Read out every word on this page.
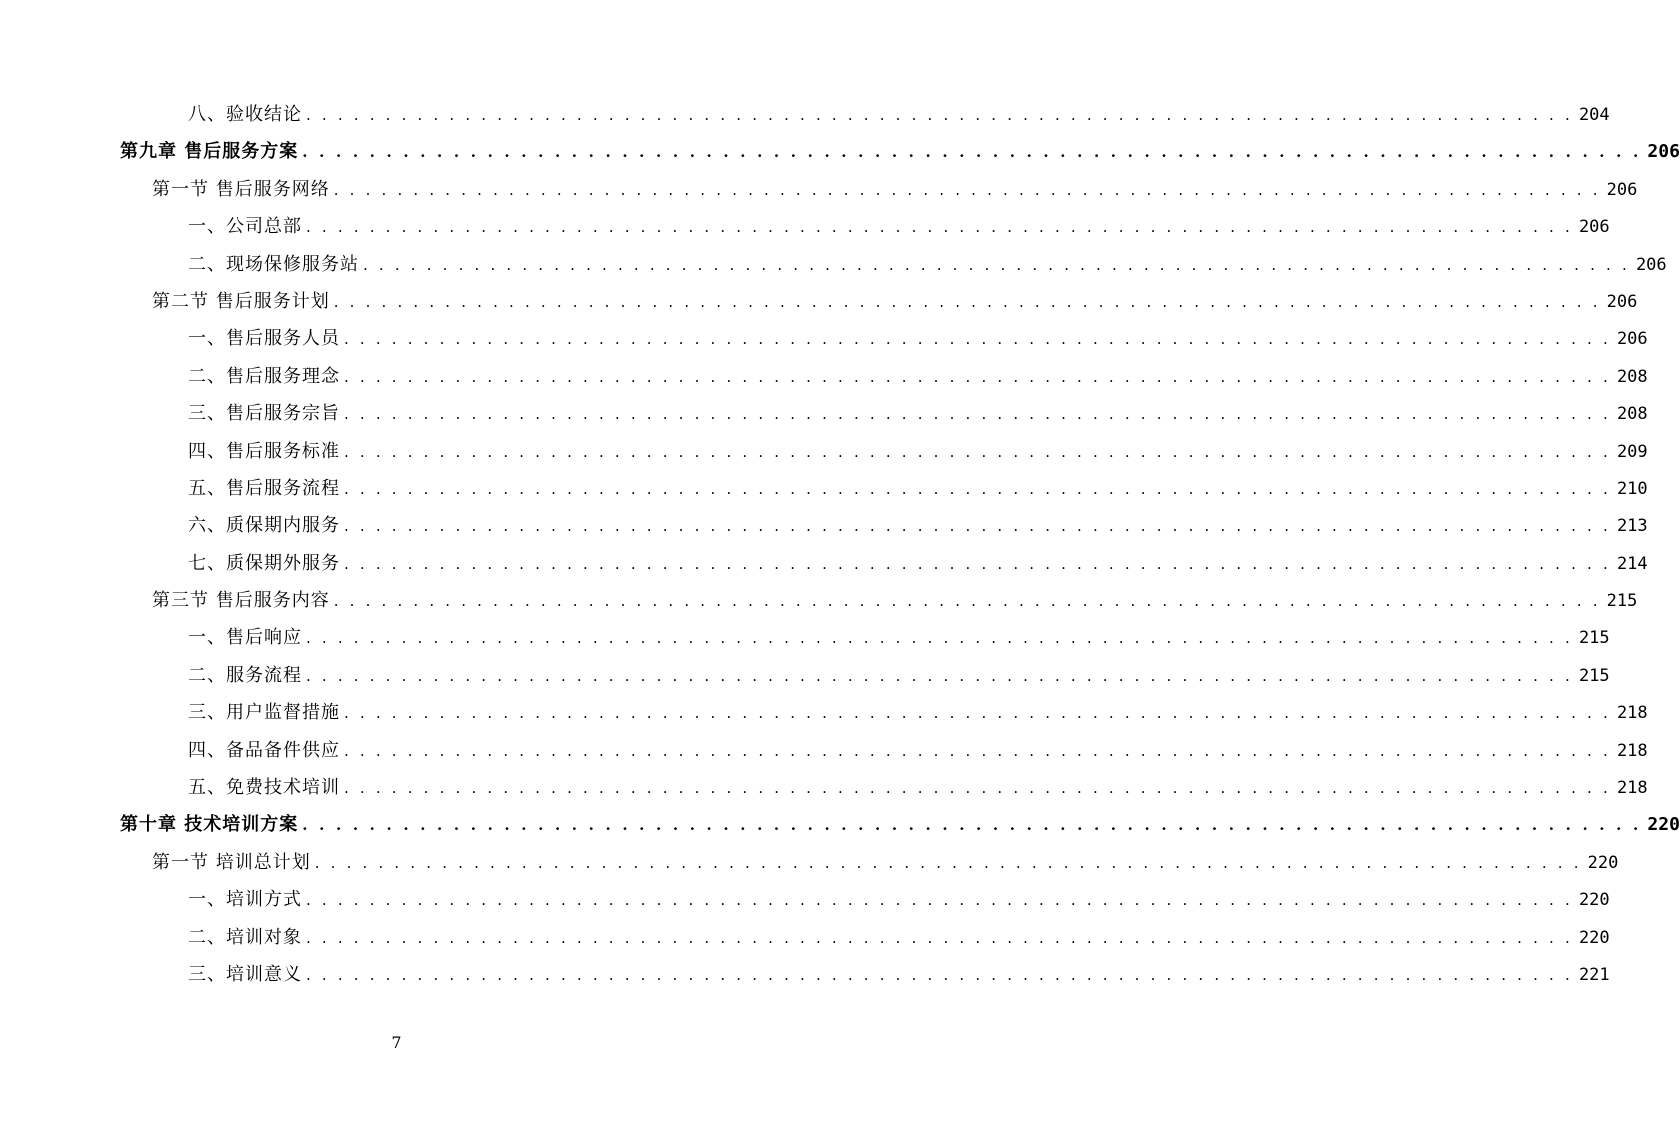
八、验收结论 . . . . . . . . . . . . . . . . . . . . . . . . . . . . . . . . . . . . . . . . . . . . . . . . . . . . . . . . . . . . . . . . . . . . . . . . . . . . . . . . 204
第九章 售后服务方案 . . . . . . . . . . . . . . . . . . . . . . . . . . . . . . . . . . . . . . . . . . . . . . . . . . . . . . . . . . . . . . . . . . . . . . . . . . . . . . . . 206
第一节 售后服务网络 . . . . . . . . . . . . . . . . . . . . . . . . . . . . . . . . . . . . . . . . . . . . . . . . . . . . . . . . . . . . . . . . . . . . . . . . . . . . . . . . 206
一、公司总部 . . . . . . . . . . . . . . . . . . . . . . . . . . . . . . . . . . . . . . . . . . . . . . . . . . . . . . . . . . . . . . . . . . . . . . . . . . . . . . . . 206
二、现场保修服务站 . . . . . . . . . . . . . . . . . . . . . . . . . . . . . . . . . . . . . . . . . . . . . . . . . . . . . . . . . . . . . . . . . . . . . . . . . . . . . . . . 206
第二节 售后服务计划 . . . . . . . . . . . . . . . . . . . . . . . . . . . . . . . . . . . . . . . . . . . . . . . . . . . . . . . . . . . . . . . . . . . . . . . . . . . . . . . . 206
一、售后服务人员 . . . . . . . . . . . . . . . . . . . . . . . . . . . . . . . . . . . . . . . . . . . . . . . . . . . . . . . . . . . . . . . . . . . . . . . . . . . . . . . . 206
二、售后服务理念 . . . . . . . . . . . . . . . . . . . . . . . . . . . . . . . . . . . . . . . . . . . . . . . . . . . . . . . . . . . . . . . . . . . . . . . . . . . . . . . . 208
三、售后服务宗旨 . . . . . . . . . . . . . . . . . . . . . . . . . . . . . . . . . . . . . . . . . . . . . . . . . . . . . . . . . . . . . . . . . . . . . . . . . . . . . . . . 208
四、售后服务标准 . . . . . . . . . . . . . . . . . . . . . . . . . . . . . . . . . . . . . . . . . . . . . . . . . . . . . . . . . . . . . . . . . . . . . . . . . . . . . . . . 209
五、售后服务流程 . . . . . . . . . . . . . . . . . . . . . . . . . . . . . . . . . . . . . . . . . . . . . . . . . . . . . . . . . . . . . . . . . . . . . . . . . . . . . . . . 210
六、质保期内服务 . . . . . . . . . . . . . . . . . . . . . . . . . . . . . . . . . . . . . . . . . . . . . . . . . . . . . . . . . . . . . . . . . . . . . . . . . . . . . . . . 213
七、质保期外服务 . . . . . . . . . . . . . . . . . . . . . . . . . . . . . . . . . . . . . . . . . . . . . . . . . . . . . . . . . . . . . . . . . . . . . . . . . . . . . . . . 214
第三节 售后服务内容 . . . . . . . . . . . . . . . . . . . . . . . . . . . . . . . . . . . . . . . . . . . . . . . . . . . . . . . . . . . . . . . . . . . . . . . . . . . . . . . . 215
一、售后响应 . . . . . . . . . . . . . . . . . . . . . . . . . . . . . . . . . . . . . . . . . . . . . . . . . . . . . . . . . . . . . . . . . . . . . . . . . . . . . . . . 215
二、服务流程 . . . . . . . . . . . . . . . . . . . . . . . . . . . . . . . . . . . . . . . . . . . . . . . . . . . . . . . . . . . . . . . . . . . . . . . . . . . . . . . . 215
三、用户监督措施 . . . . . . . . . . . . . . . . . . . . . . . . . . . . . . . . . . . . . . . . . . . . . . . . . . . . . . . . . . . . . . . . . . . . . . . . . . . . . . . . 218
四、备品备件供应 . . . . . . . . . . . . . . . . . . . . . . . . . . . . . . . . . . . . . . . . . . . . . . . . . . . . . . . . . . . . . . . . . . . . . . . . . . . . . . . . 218
五、免费技术培训 . . . . . . . . . . . . . . . . . . . . . . . . . . . . . . . . . . . . . . . . . . . . . . . . . . . . . . . . . . . . . . . . . . . . . . . . . . . . . . . . 218
第十章 技术培训方案 . . . . . . . . . . . . . . . . . . . . . . . . . . . . . . . . . . . . . . . . . . . . . . . . . . . . . . . . . . . . . . . . . . . . . . . . . . . . . . . . 220
第一节 培训总计划 . . . . . . . . . . . . . . . . . . . . . . . . . . . . . . . . . . . . . . . . . . . . . . . . . . . . . . . . . . . . . . . . . . . . . . . . . . . . . . . . 220
一、培训方式 . . . . . . . . . . . . . . . . . . . . . . . . . . . . . . . . . . . . . . . . . . . . . . . . . . . . . . . . . . . . . . . . . . . . . . . . . . . . . . . . 220
二、培训对象 . . . . . . . . . . . . . . . . . . . . . . . . . . . . . . . . . . . . . . . . . . . . . . . . . . . . . . . . . . . . . . . . . . . . . . . . . . . . . . . . 220
三、培训意义 . . . . . . . . . . . . . . . . . . . . . . . . . . . . . . . . . . . . . . . . . . . . . . . . . . . . . . . . . . . . . . . . . . . . . . . . . . . . . . . . 221
7
